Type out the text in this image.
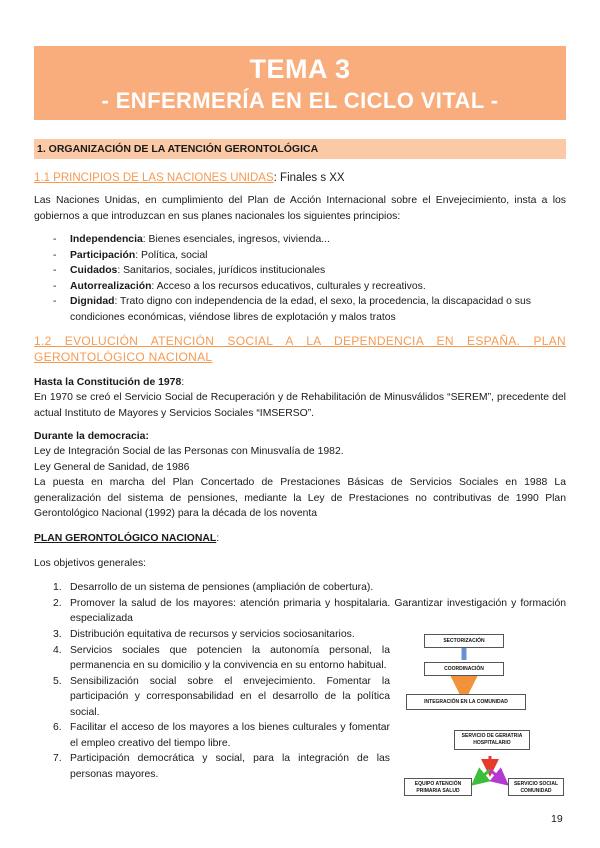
TEMA 3
- ENFERMERÍA EN EL CICLO VITAL -
1. ORGANIZACIÓN DE LA ATENCIÓN GERONTOLÓGICA
1.1 PRINCIPIOS DE LAS NACIONES UNIDAS: Finales s XX
Las Naciones Unidas, en cumplimiento del Plan de Acción Internacional sobre el Envejecimiento, insta a los gobiernos a que introduzcan en sus planes nacionales los siguientes principios:
- Independencia: Bienes esenciales, ingresos, vivienda...
- Participación: Política, social
- Cuidados: Sanitarios, sociales, jurídicos institucionales
- Autorrealización: Acceso a los recursos educativos, culturales y recreativos.
- Dignidad: Trato digno con independencia de la edad, el sexo, la procedencia, la discapacidad o sus condiciones económicas, viéndose libres de explotación y malos tratos
1.2 EVOLUCIÓN ATENCIÓN SOCIAL A LA DEPENDENCIA EN ESPAÑA. PLAN GERONTOLÓGICO NACIONAL
Hasta la Constitución de 1978:
En 1970 se creó el Servicio Social de Recuperación y de Rehabilitación de Minusválidos “SEREM”, precedente del actual Instituto de Mayores y Servicios Sociales “IMSERSO”.
Durante la democracia:
Ley de Integración Social de las Personas con Minusvalía de 1982.
Ley General de Sanidad, de 1986
La puesta en marcha del Plan Concertado de Prestaciones Básicas de Servicios Sociales en 1988 La generalización del sistema de pensiones, mediante la Ley de Prestaciones no contributivas de 1990 Plan Gerontológico Nacional (1992) para la década de los noventa
PLAN GERONTOLÓGICO NACIONAL:
Los objetivos generales:
1. Desarrollo de un sistema de pensiones (ampliación de cobertura).
2. Promover la salud de los mayores: atención primaria y hospitalaria. Garantizar investigación y formación especializada
3. Distribución equitativa de recursos y servicios sociosanitarios.
4. Servicios sociales que potencien la autonomía personal, la permanencia en su domicilio y la convivencia en su entorno habitual.
5. Sensibilización social sobre el envejecimiento. Fomentar la participación y corresponsabilidad en el desarrollo de la política social.
6. Facilitar el acceso de los mayores a los bienes culturales y fomentar el empleo creativo del tiempo libre.
7. Participación democrática y social, para la integración de las personas mayores.
SECTORIZACIÓN
COORDINACIÓN
INTEGRACIÓN EN LA COMUNIDAD
SERVICIO DE GERIATRIA HOSPITALARIO
EQUIPO ATENCIÓN PRIMARIA SALUD
SERVICIO SOCIAL COMUNIDAD
19
